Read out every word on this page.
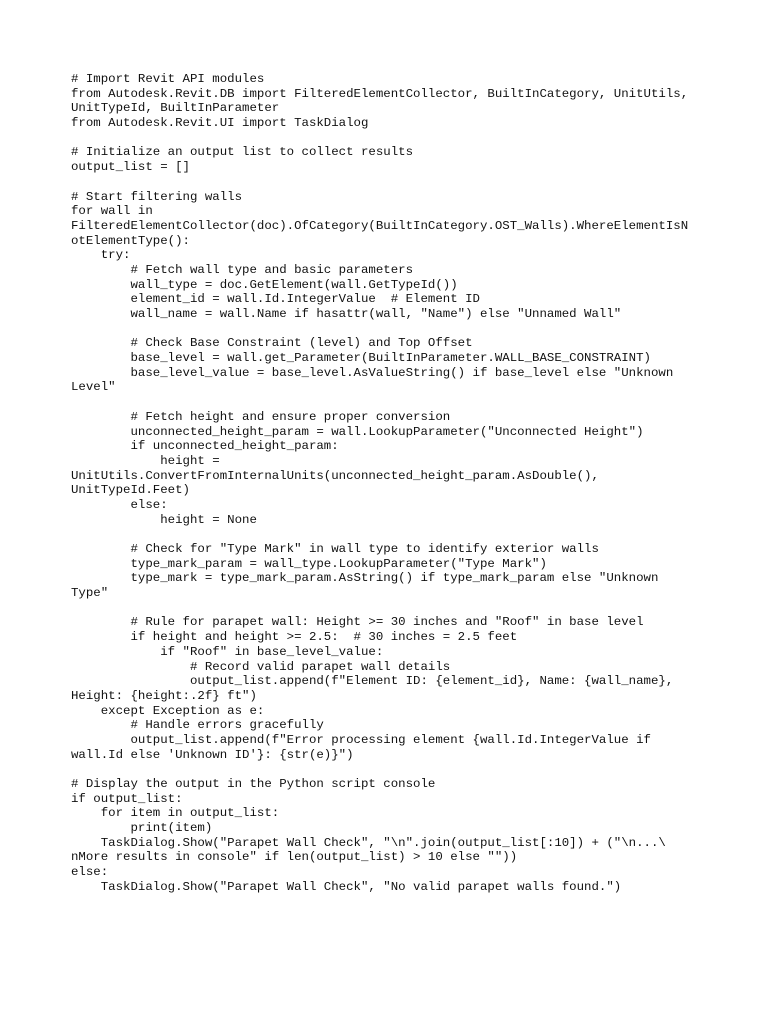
# Import Revit API modules
from Autodesk.Revit.DB import FilteredElementCollector, BuiltInCategory, UnitUtils,
UnitTypeId, BuiltInParameter
from Autodesk.Revit.UI import TaskDialog

# Initialize an output list to collect results
output_list = []

# Start filtering walls
for wall in
FilteredElementCollector(doc).OfCategory(BuiltInCategory.OST_Walls).WhereElementIsN
otElementType():
try:
# Fetch wall type and basic parameters
wall_type = doc.GetElement(wall.GetTypeId())
element_id = wall.Id.IntegerValue  # Element ID
wall_name = wall.Name if hasattr(wall, "Name") else "Unnamed Wall"

# Check Base Constraint (level) and Top Offset
base_level = wall.get_Parameter(BuiltInParameter.WALL_BASE_CONSTRAINT)
base_level_value = base_level.AsValueString() if base_level else "Unknown
Level"

# Fetch height and ensure proper conversion
unconnected_height_param = wall.LookupParameter("Unconnected Height")
if unconnected_height_param:
height =
UnitUtils.ConvertFromInternalUnits(unconnected_height_param.AsDouble(),
UnitTypeId.Feet)
else:
height = None

# Check for "Type Mark" in wall type to identify exterior walls
type_mark_param = wall_type.LookupParameter("Type Mark")
type_mark = type_mark_param.AsString() if type_mark_param else "Unknown
Type"

# Rule for parapet wall: Height >= 30 inches and "Roof" in base level
if height and height >= 2.5:  # 30 inches = 2.5 feet
if "Roof" in base_level_value:
# Record valid parapet wall details
output_list.append(f"Element ID: {element_id}, Name: {wall_name},
Height: {height:.2f} ft")
except Exception as e:
# Handle errors gracefully
output_list.append(f"Error processing element {wall.Id.IntegerValue if
wall.Id else 'Unknown ID'}: {str(e)}")

# Display the output in the Python script console
if output_list:
for item in output_list:
print(item)
TaskDialog.Show("Parapet Wall Check", "\n".join(output_list[:10]) + ("\n...\
nMore results in console" if len(output_list) > 10 else ""))
else:
TaskDialog.Show("Parapet Wall Check", "No valid parapet walls found.")
